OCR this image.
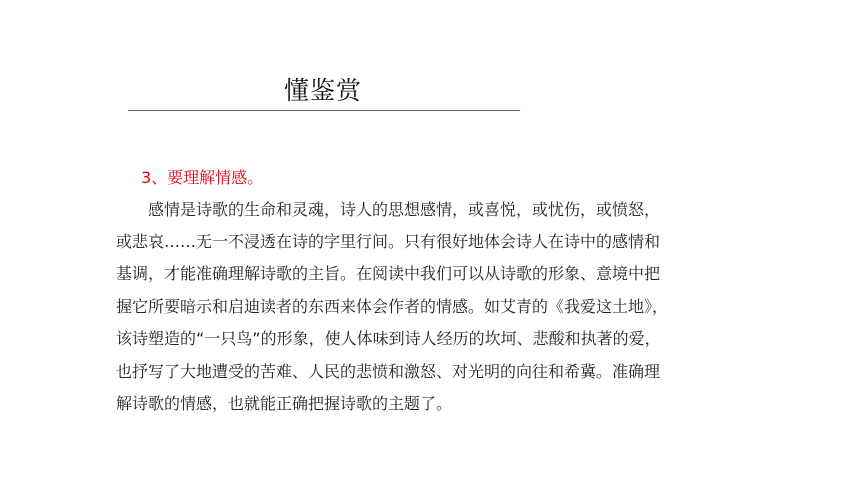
懂鉴赏
3、要理解情感。
感情是诗歌的生命和灵魂，诗人的思想感情，或喜悦，或忧伤，或愤怒，
或悲哀……无一不浸透在诗的字里行间。只有很好地体会诗人在诗中的感情和
基调，才能准确理解诗歌的主旨。在阅读中我们可以从诗歌的形象、意境中把
握它所要暗示和启迪读者的东西来体会作者的情感。如艾青的《我爱这土地》，
该诗塑造的“一只鸟”的形象，使人体味到诗人经历的坎坷、悲酸和执著的爱，
也抒写了大地遭受的苦难、人民的悲愤和激怒、对光明的向往和希冀。准确理
解诗歌的情感，也就能正确把握诗歌的主题了。
